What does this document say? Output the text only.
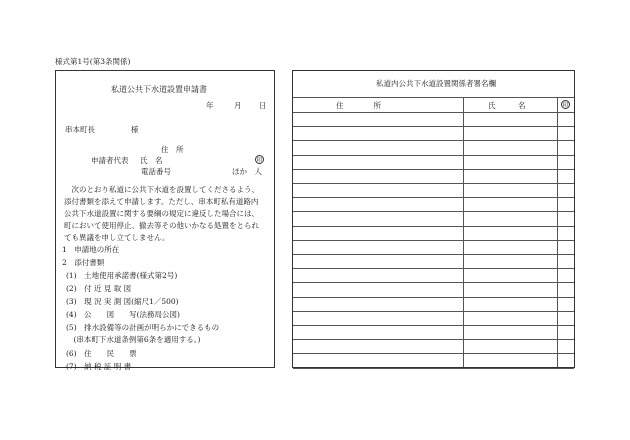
様式第1号(第3条関係)
私道公共下水道設置申請書
年	月 日
串本町長	様
住　所
申請者代表 氏　名	印
電話番号	ほか　人
　次のとおり私道に公共下水道を設置してくださるよう、
添付書類を添えて申請します。ただし、串本町私有道路内
公共下水道設置に関する要綱の規定に違反した場合には、
町において使用停止、撤去等その他いかなる処置をとられ
ても異議を申し立てしません。
1　申請地の所在
2　添付書類
(1)　土地使用承諾書(様式第2号)
(2)　付 近 見 取 図
(3)　現 況 実 測 図(縮尺1／500)
(4)　公　　図　　写(法務局公図)
(5)　排水設備等の計画が明らかにできるもの
　(串本町下水道条例第6条を適用する。)
(6)　住　　民　　票
(7)　納 税 証 明 書
私道内公共下水道設置関係者署名欄
住　　　　所	氏　　　名	印
